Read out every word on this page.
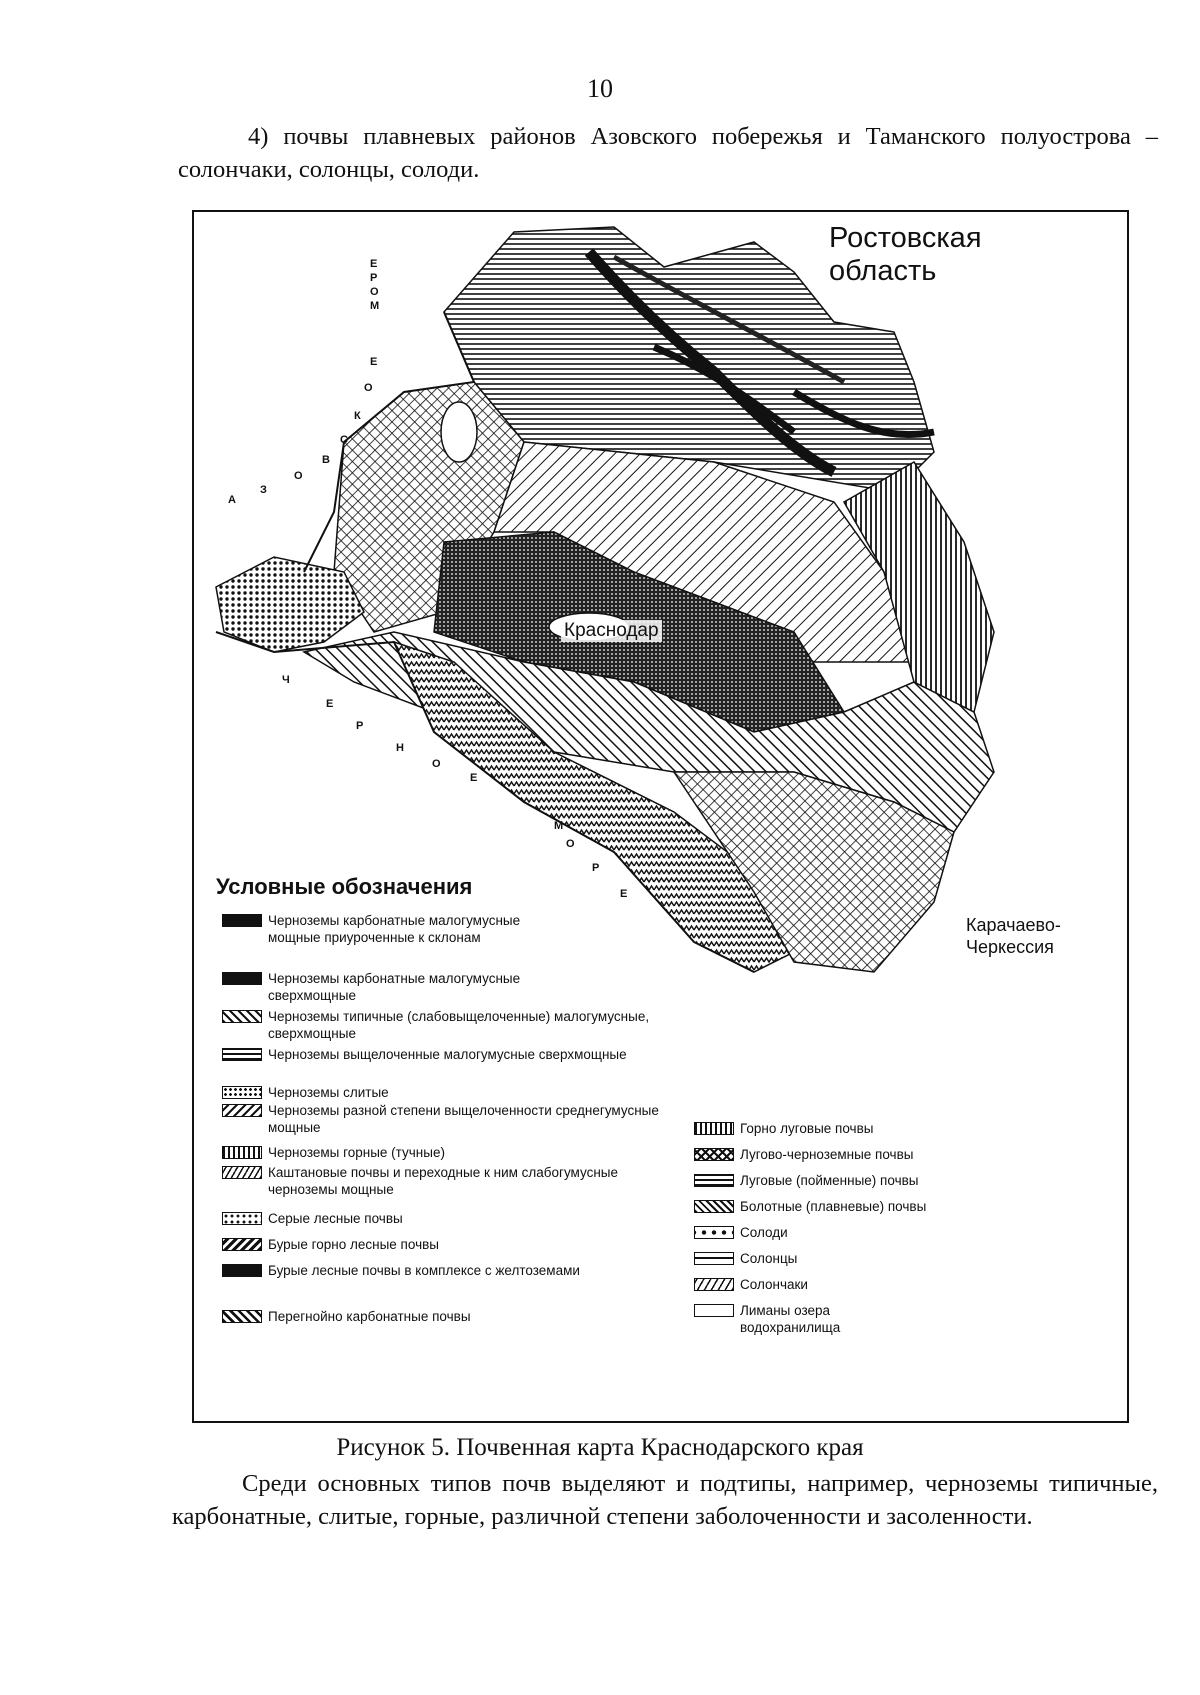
10

4) почвы плавневых районов Азовского побережья и Таманского полуострова – солончаки, солонцы, солоди.

Ростовская область
Краснодар
Карачаево-Черкессия
А
З
О
В
С
К
О
Е
М
О
Р
Е
Ч
Е
Р
Н
О
Е
М
О
Р
Е
Условные обозначения
Черноземы карбонатные малогумусные мощные приуроченные к склонам
Черноземы карбонатные малогумусные сверхмощные
Черноземы типичные (слабовыщелоченные) малогумусные, сверхмощные
Черноземы выщелоченные малогумусные сверхмощные
Черноземы слитые
Черноземы разной степени выщелоченности среднегумусные мощные
Черноземы горные (тучные)
Каштановые почвы и переходные к ним слабогумусные черноземы мощные
Серые лесные почвы
Бурые горно лесные почвы
Бурые лесные почвы в комплексе с желтоземами
Перегнойно карбонатные почвы
Горно луговые почвы
Лугово-черноземные почвы
Луговые (пойменные) почвы
Болотные (плавневые) почвы
Солоди
Солонцы
Солончаки
Лиманы озера водохранилища
Рисунок 5. Почвенная карта Краснодарского края

Среди основных типов почв выделяют и подтипы, например, черноземы типичные, карбонатные, слитые, горные, различной степени заболоченности и засоленности.
